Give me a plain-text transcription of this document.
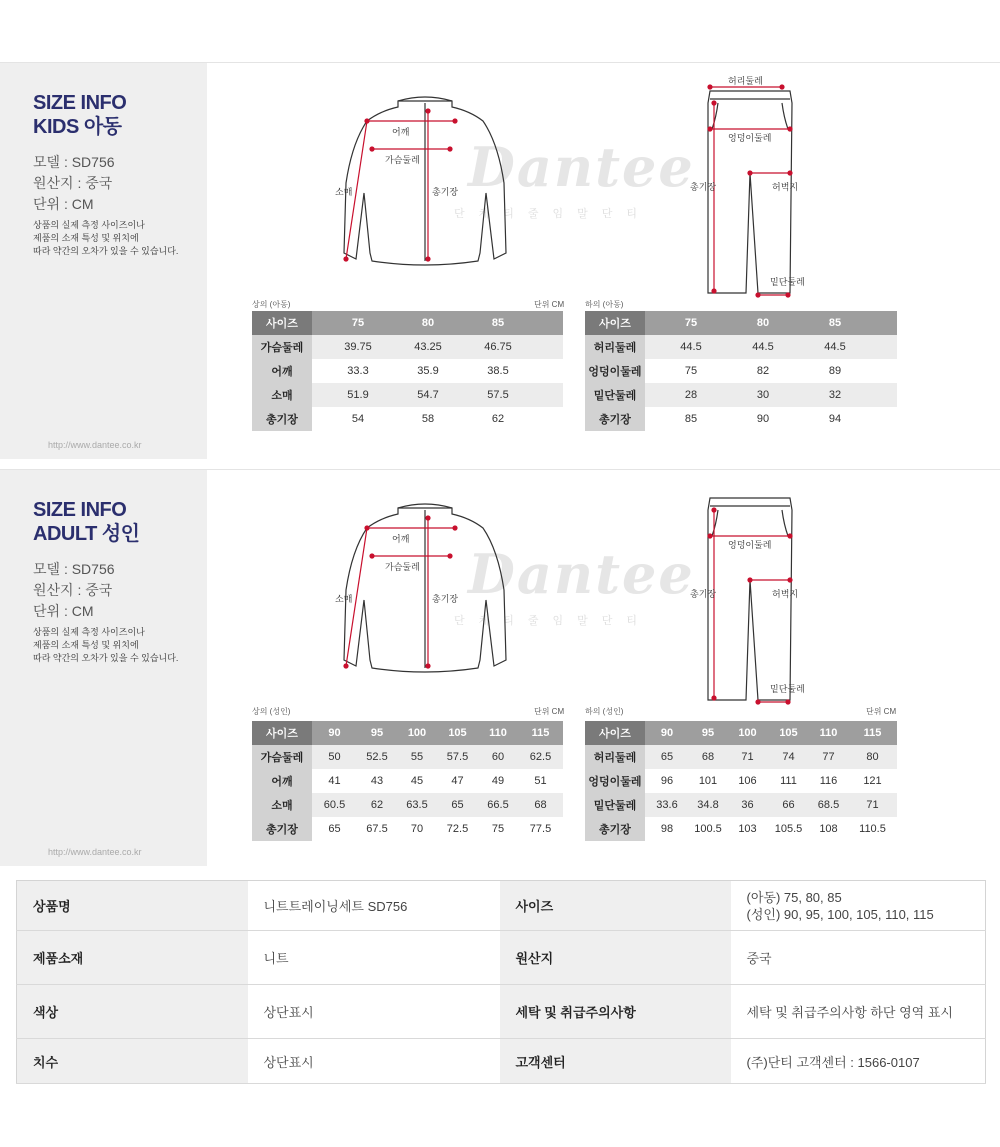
SIZE INFO
KIDS 아동
모델 : SD756
원산지 : 중국
단위 : CM
상품의 실제 측정 사이즈이나
제품의 소재 특성 및 위치에
따라 약간의 오차가 있을 수 있습니다.
http://www.dantee.co.kr
Dantee
단체티줄임말단티
어깨
가슴둘레
소매	총기장
허리둘레
엉덩이둘레
총기장	허벅지
밑단둘레
상의 (아동)	단위 CM	하의 (아동)
사이즈	75	80	85	
가슴둘레	39.75	43.25	46.75	
어깨	33.3	35.9	38.5	
소매	51.9	54.7	57.5	
총기장	54	58	62	
사이즈	75	80	85	
허리둘레	44.5	44.5	44.5	
엉덩이둘레	75	82	89	
밑단둘레	28	30	32	
총기장	85	90	94	
SIZE INFO
ADULT 성인
모델 : SD756
원산지 : 중국
단위 : CM
상품의 실제 측정 사이즈이나
제품의 소재 특성 및 위치에
따라 약간의 오차가 있을 수 있습니다.
http://www.dantee.co.kr
Dantee
단체티줄임말단티
어깨
가슴둘레
소매	총기장
엉덩이둘레
총기장	허벅지
밑단둘레
상의 (성인)	단위 CM	하의 (성인)	단위 CM
사이즈	90	95	100	105	110	115
가슴둘레	50	52.5	55	57.5	60	62.5
어깨	41	43	45	47	49	51
소매	60.5	62	63.5	65	66.5	68
총기장	65	67.5	70	72.5	75	77.5
사이즈	90	95	100	105	110	115
허리둘레	65	68	71	74	77	80
엉덩이둘레	96	101	106	111	116	121
밑단둘레	33.6	34.8	36	66	68.5	71
총기장	98	100.5	103	105.5	108	110.5
상품명	니트트레이닝세트 SD756	사이즈	(아동) 75, 80, 85
(성인) 90, 95, 100, 105, 110, 115

제품소재	니트	원산지	중국
색상	상단표시	세탁 및 취급주의사항	세탁 및 취급주의사항 하단 영역 표시
치수	상단표시	고객센터	(주)단티 고객센터 : 1566-0107
